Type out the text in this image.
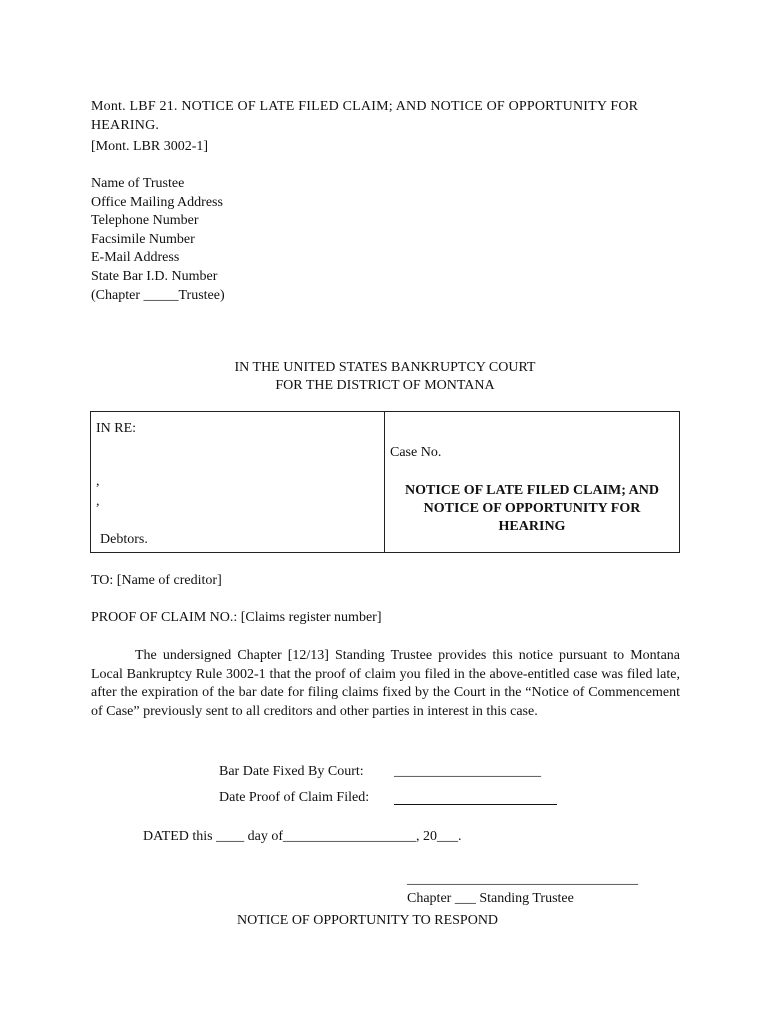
Mont. LBF 21. NOTICE OF LATE FILED CLAIM; AND NOTICE OF OPPORTUNITY FOR HEARING.
[Mont. LBR 3002-1]
Name of Trustee
Office Mailing Address
Telephone Number
Facsimile Number
E-Mail Address
State Bar I.D. Number
(Chapter _____Trustee)
IN THE UNITED STATES BANKRUPTCY COURT
FOR THE DISTRICT OF MONTANA
IN RE:
,
,
Debtors.
Case No.
NOTICE OF LATE FILED CLAIM; AND NOTICE OF OPPORTUNITY FOR HEARING
TO: [Name of creditor]
PROOF OF CLAIM NO.: [Claims register number]
The undersigned Chapter [12/13] Standing Trustee provides this notice pursuant to Montana Local Bankruptcy Rule 3002-1 that the proof of claim you filed in the above-entitled case was filed late, after the expiration of the bar date for filing claims fixed by the Court in the “Notice of Commencement of Case” previously sent to all creditors and other parties in interest in this case.
Bar Date Fixed By Court: _____________________
Date Proof of Claim Filed:
DATED this ____ day of___________________, 20___.
_________________________________
Chapter ___ Standing Trustee
NOTICE OF OPPORTUNITY TO RESPOND
